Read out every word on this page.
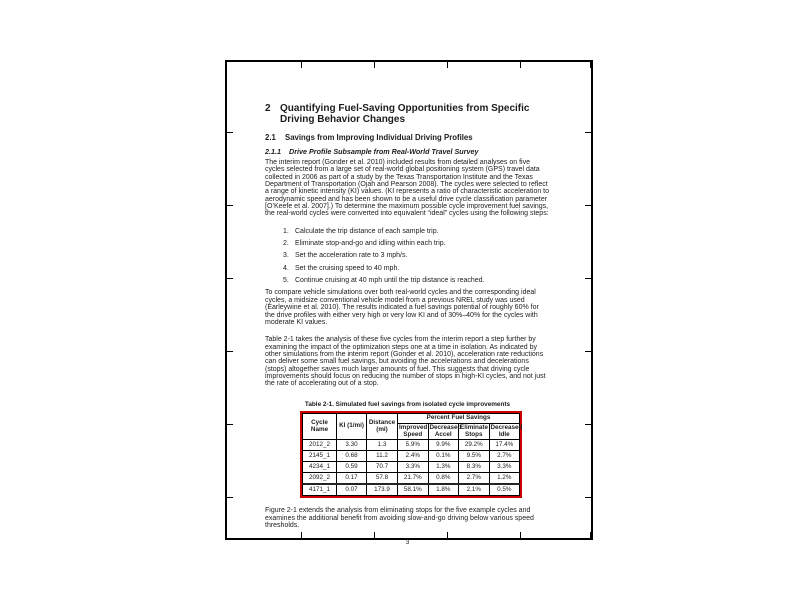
2 Quantifying Fuel-Saving Opportunities from Specific Driving Behavior Changes
2.1	Savings from Improving Individual Driving Profiles
2.1.1	Drive Profile Subsample from Real-World Travel Survey

The interim report (Gonder et al. 2010) included results from detailed analyses on five cycles selected from a large set of real-world global positioning system (GPS) travel data collected in 2006 as part of a study by the Texas Transportation Institute and the Texas Department of Transportation (Ojah and Pearson 2008). The cycles were selected to reflect a range of kinetic intensity (KI) values. (KI represents a ratio of characteristic acceleration to aerodynamic speed and has been shown to be a useful drive cycle classification parameter [O’Keefe et al. 2007].) To determine the maximum possible cycle improvement fuel savings, the real-world cycles were converted into equivalent “ideal” cycles using the following steps:

1. Calculate the trip distance of each sample trip.
2. Eliminate stop-and-go and idling within each trip.
3. Set the acceleration rate to 3 mph/s.
4. Set the cruising speed to 40 mph.
5. Continue cruising at 40 mph until the trip distance is reached.

To compare vehicle simulations over both real-world cycles and the corresponding ideal cycles, a midsize conventional vehicle model from a previous NREL study was used (Earleywine et al. 2010). The results indicated a fuel savings potential of roughly 60% for the drive profiles with either very high or very low KI and of 30%–40% for the cycles with moderate KI values.

Table 2-1 takes the analysis of these five cycles from the interim report a step further by examining the impact of the optimization steps one at a time in isolation. As indicated by other simulations from the interim report (Gonder et al. 2010), acceleration rate reductions can deliver some small fuel savings, but avoiding the accelerations and decelerations (stops) altogether saves much larger amounts of fuel. This suggests that driving cycle improvements should focus on reducing the number of stops in high-KI cycles, and not just the rate of accelerating out of a stop.

Table 2-1. Simulated fuel savings from isolated cycle improvements
Cycle Name	KI (1/mi)	Distance (mi)	Percent Fuel Savings			
			Improved Speed	Decreased Accel	Eliminate Stops	Decreased Idle
2012_2	3.30	1.3	5.9%	9.9%	29.2%	17.4%
2145_1	0.68	11.2	2.4%	0.1%	9.5%	2.7%
4234_1	0.59	70.7	3.3%	1.3%	8.3%	3.3%
2092_2	0.17	57.8	21.7%	0.8%	2.7%	1.2%
4171_1	0.07	173.9	58.1%	1.8%	2.1%	0.5%

Figure 2-1 extends the analysis from eliminating stops for the five example cycles and examines the additional benefit from avoiding slow-and-go driving below various speed thresholds.

3
